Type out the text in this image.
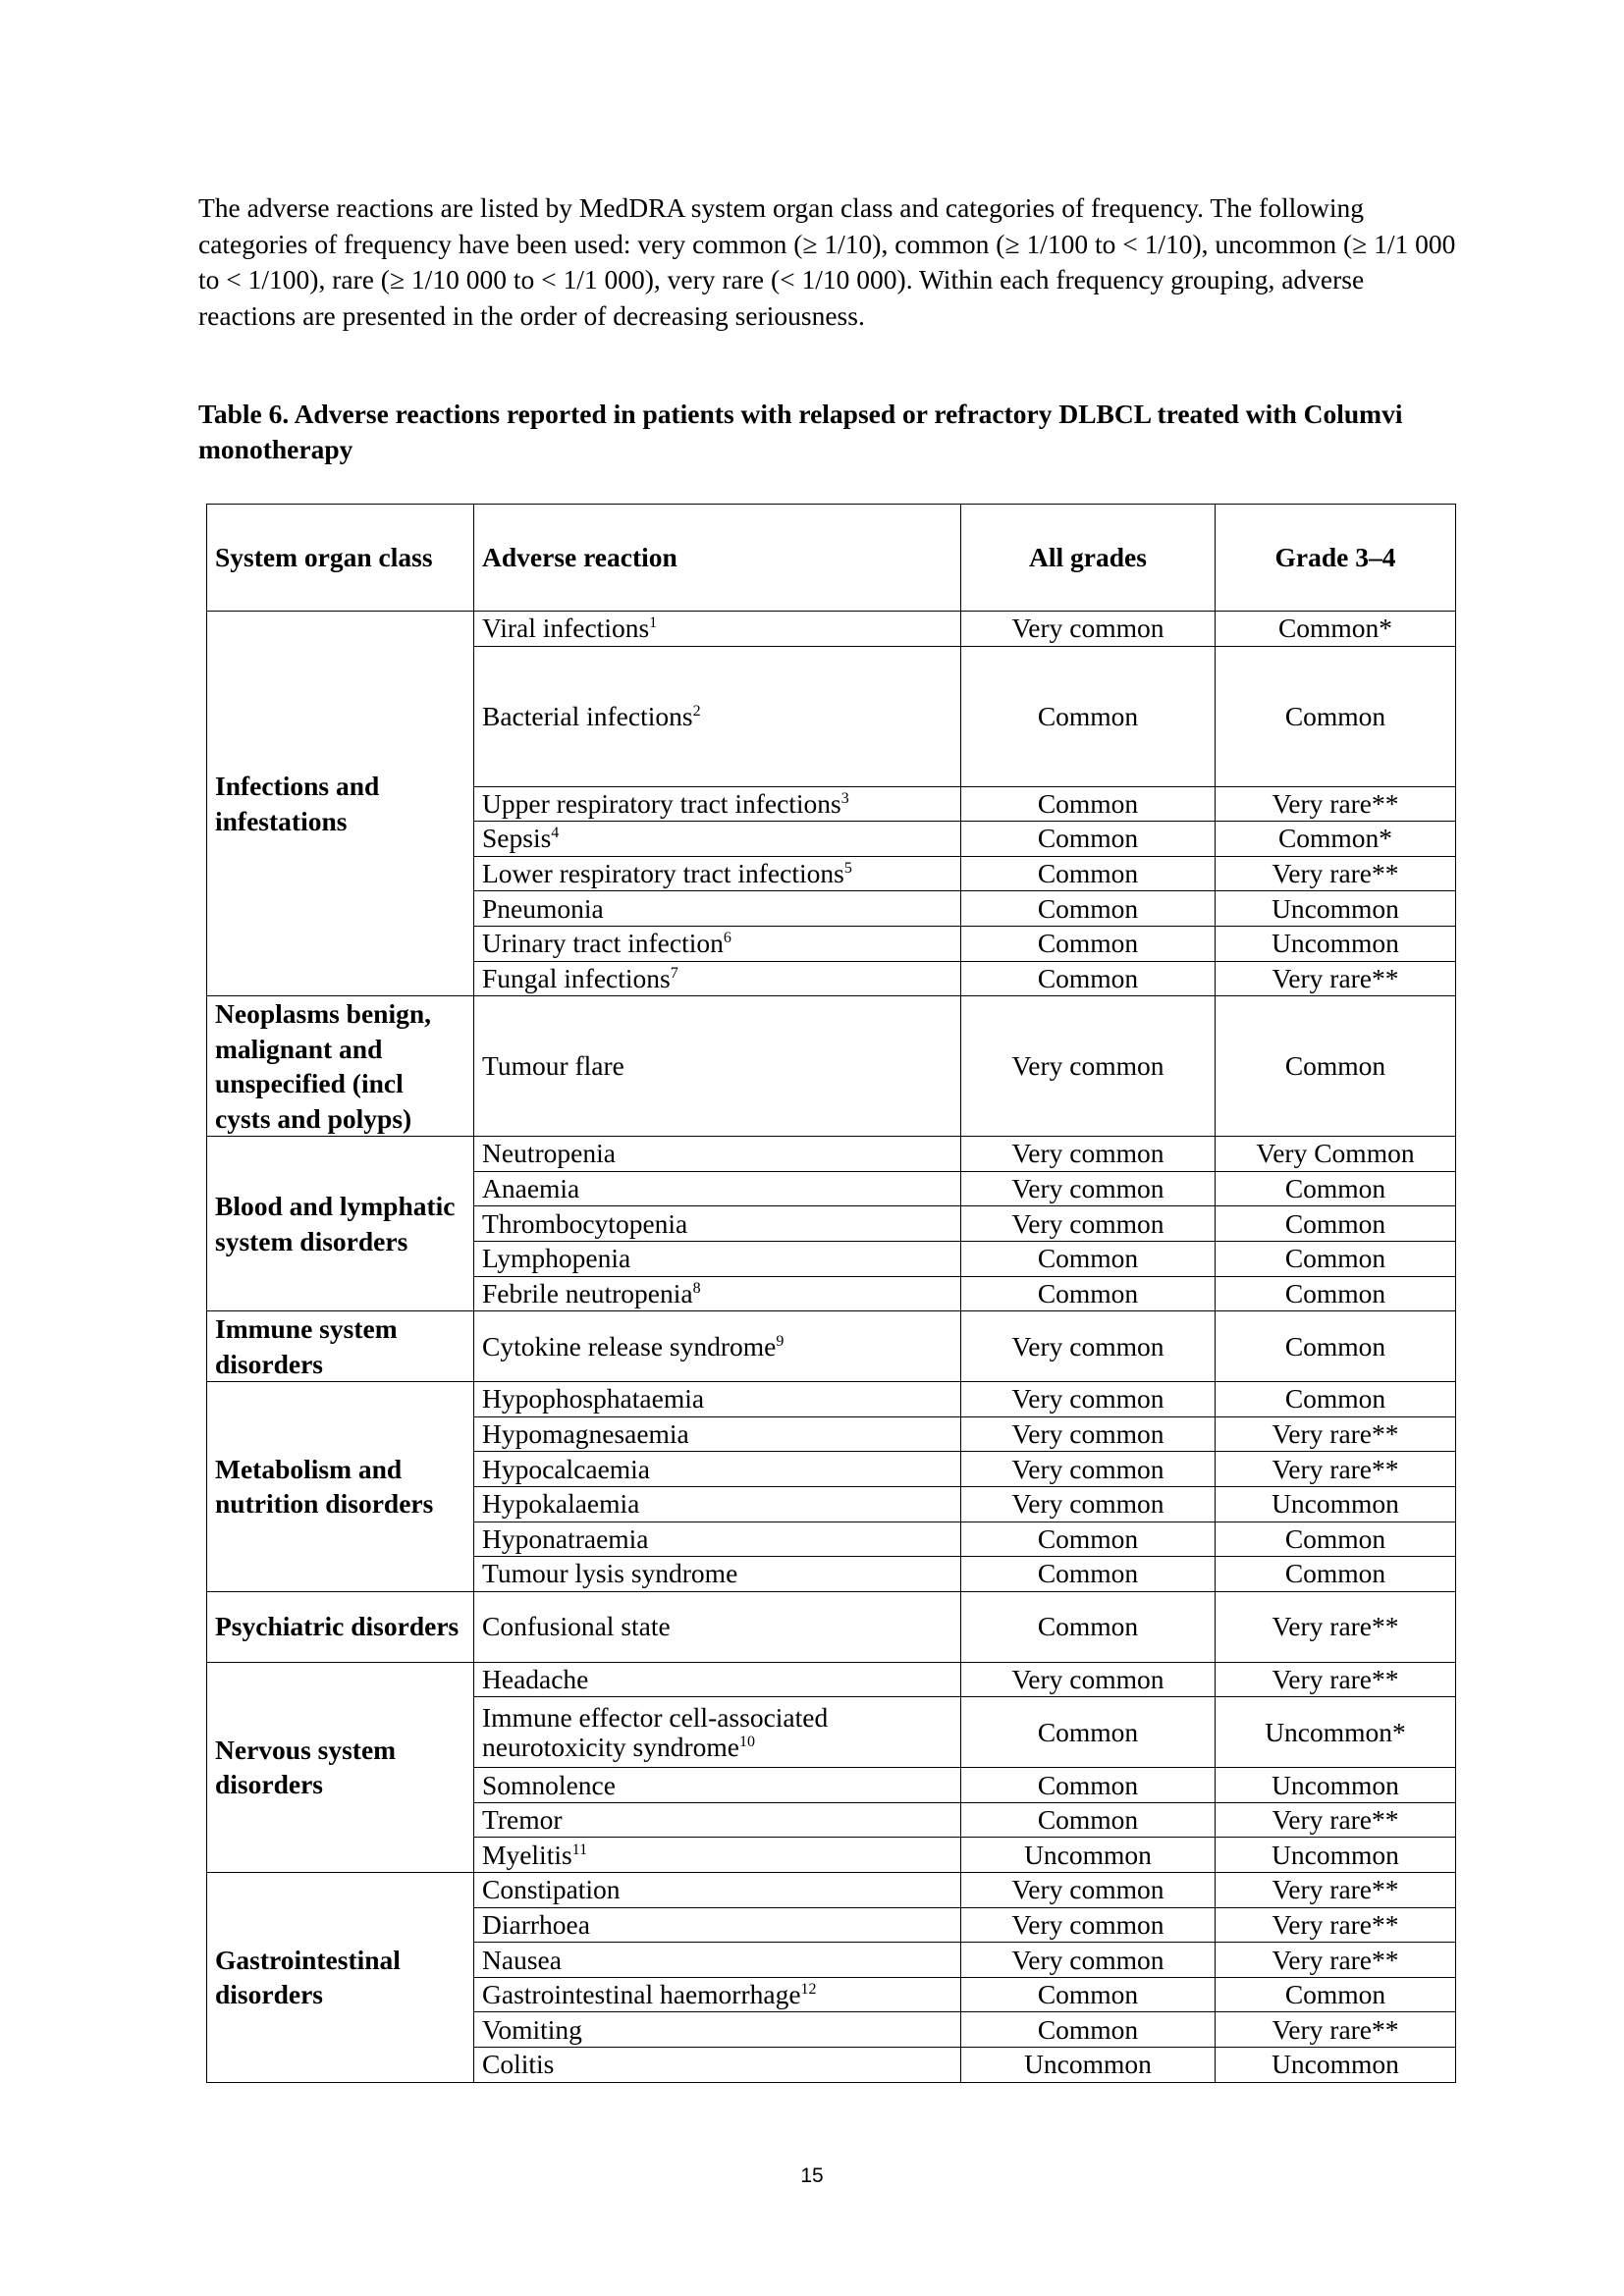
The adverse reactions are listed by MedDRA system organ class and categories of frequency. The following categories of frequency have been used: very common (≥ 1/10), common (≥ 1/100 to < 1/10), uncommon (≥ 1/1 000 to < 1/100), rare (≥ 1/10 000 to < 1/1 000), very rare (< 1/10 000). Within each frequency grouping, adverse reactions are presented in the order of decreasing seriousness.

Table 6. Adverse reactions reported in patients with relapsed or refractory DLBCL treated with Columvi monotherapy

System organ class	Adverse reaction	All grades	Grade 3–4
Infections and infestations	Viral infections$^1$	Very common	Common*
	Bacterial infections$^2$	Common	Common
	Upper respiratory tract infections$^3$	Common	Very rare**
	Sepsis$^4$	Common	Common*
	Lower respiratory tract infections$^5$	Common	Very rare**
	Pneumonia	Common	Uncommon
	Urinary tract infection$^6$	Common	Uncommon
	Fungal infections$^7$	Common	Very rare**
Neoplasms benign, malignant and unspecified (incl cysts and polyps)	Tumour flare	Very common	Common
Blood and lymphatic system disorders	Neutropenia	Very common	Very Common
	Anaemia	Very common	Common
	Thrombocytopenia	Very common	Common
	Lymphopenia	Common	Common
	Febrile neutropenia$^8$	Common	Common
Immune system disorders	Cytokine release syndrome$^9$	Very common	Common
Metabolism and nutrition disorders	Hypophosphataemia	Very common	Common
	Hypomagnesaemia	Very common	Very rare**
	Hypocalcaemia	Very common	Very rare**
	Hypokalaemia	Very common	Uncommon
	Hyponatraemia	Common	Common
	Tumour lysis syndrome	Common	Common
Psychiatric disorders	Confusional state	Common	Very rare**
Nervous system disorders	Headache	Very common	Very rare**
	Immune effector cell-associated neurotoxicity syndrome$^{10}$	Common	Uncommon*
	Somnolence	Common	Uncommon
	Tremor	Common	Very rare**
	Myelitis$^{11}$	Uncommon	Uncommon
Gastrointestinal disorders	Constipation	Very common	Very rare**
	Diarrhoea	Very common	Very rare**
	Nausea	Very common	Very rare**
	Gastrointestinal haemorrhage$^{12}$	Common	Common
	Vomiting	Common	Very rare**
	Colitis	Uncommon	Uncommon
15
